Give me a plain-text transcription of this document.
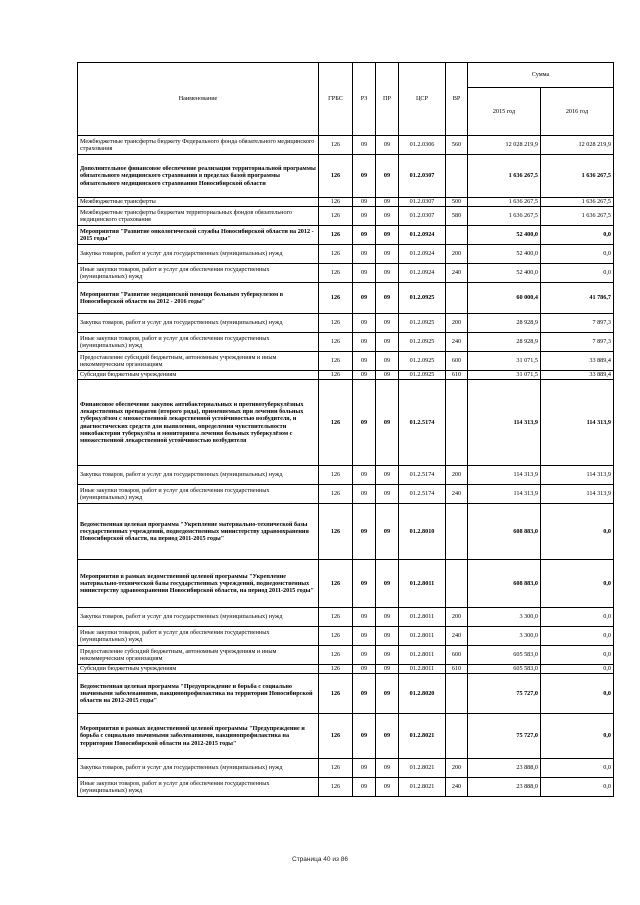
Наименование	ГРБС	РЗ	ПР	ЦСР	ВР	Сумма	
						2015 год	2016 год
Межбюджетные трансферты бюджету Федерального фонда обязательного медицинского страхования	126	09	09	01.2.0306	560	12 028 219,9	12 028 219,9
Дополнительное финансовое обеспечение реализации территориальной программы обязательного медицинского страхования в пределах базой программы обязательного медицинского страхования Новосибирской области	126	09	09	01.2.0307		1 636 267,5	1 636 267,5
Межбюджетные трансферты	126	09	09	01.2.0307	500	1 636 267,5	1 636 267,5
Межбюджетные трансферты бюджетам территориальных фондов обязательного медицинского страхования	126	09	09	01.2.0307	580	1 636 267,5	1 636 267,5
Мероприятия "Развитие онкологической службы Новосибирской области на 2012 - 2015 годы"	126	09	09	01.2.0924		52 400,0	0,0
Закупка товаров, работ и услуг для государственных (муниципальных) нужд	126	09	09	01.2.0924	200	52 400,0	0,0
Иные закупки товаров, работ и услуг для обеспечения государственных (муниципальных) нужд	126	09	09	01.2.0924	240	52 400,0	0,0
Мероприятия "Развитие медицинской помощи больным туберкулезом в Новосибирской области на 2012 - 2016 годы"	126	09	09	01.2.0925		60 000,4	41 786,7
Закупка товаров, работ и услуг для государственных (муниципальных) нужд	126	09	09	01.2.0925	200	28 928,9	7 897,3
Иные закупки товаров, работ и услуг для обеспечения государственных (муниципальных) нужд	126	09	09	01.2.0925	240	28 928,9	7 897,3
Предоставление субсидий бюджетным, автономным учреждениям и иным некоммерческим организациям	126	09	09	01.2.0925	600	31 071,5	33 889,4
Субсидии бюджетным учреждениям	126	09	09	01.2.0925	610	31 071,5	33 889,4
Финансовое обеспечение закупок антибактериальных и противотуберкулёзных лекарственных препаратов (второго ряда), применяемых при лечении больных туберкулёзом с множественной лекарственной устойчивостью возбудителя, и диагностических средств для выявления, определения чувствительности микобактерии туберкулёза и мониторинга лечения больных туберкулёзом с множественной лекарственной устойчивостью возбудителя	126	09	09	01.2.5174		114 313,9	114 313,9
Закупка товаров, работ и услуг для государственных (муниципальных) нужд	126	09	09	01.2.5174	200	114 313,9	114 313,9
Иные закупки товаров, работ и услуг для обеспечения государственных (муниципальных) нужд	126	09	09	01.2.5174	240	114 313,9	114 313,9
Ведомственная целевая программа "Укрепление материально-технической базы государственных учреждений, подведомственных министерству здравоохранения Новосибирской области, на период 2011-2015 годы"	126	09	09	01.2.8010		608 883,0	0,0
Мероприятия в рамках ведомственной целевой программы "Укрепление материально-технической базы государственных учреждений, подведомственных министерству здравоохранения Новосибирской области, на период 2011-2015 годы"	126	09	09	01.2.8011		608 883,0	0,0
Закупка товаров, работ и услуг для государственных (муниципальных) нужд	126	09	09	01.2.8011	200	3 300,0	0,0
Иные закупки товаров, работ и услуг для обеспечения государственных (муниципальных) нужд	126	09	09	01.2.8011	240	3 300,0	0,0
Предоставление субсидий бюджетным, автономным учреждениям и иным некоммерческим организациям	126	09	09	01.2.8011	600	605 583,0	0,0
Субсидии бюджетным учреждениям	126	09	09	01.2.8011	610	605 583,0	0,0
Ведомственная целевая программа "Предупреждение и борьба с социально значимыми заболеваниями, вакцинопрофилактика на территории Новосибирской области на 2012-2015 годы"	126	09	09	01.2.8020		75 727,0	0,0
Мероприятия в рамках ведомственной целевой программы "Предупреждение и борьба с социально значимыми заболеваниями, вакцинопрофилактика на территории Новосибирской области на 2012-2015 годы"	126	09	09	01.2.8021		75 727,0	0,0
Закупка товаров, работ и услуг для государственных (муниципальных) нужд	126	09	09	01.2.8021	200	23 888,0	0,0
Иные закупки товаров, работ и услуг для обеспечения государственных (муниципальных) нужд	126	09	09	01.2.8021	240	23 888,0	0,0
Страница 40 из 86
